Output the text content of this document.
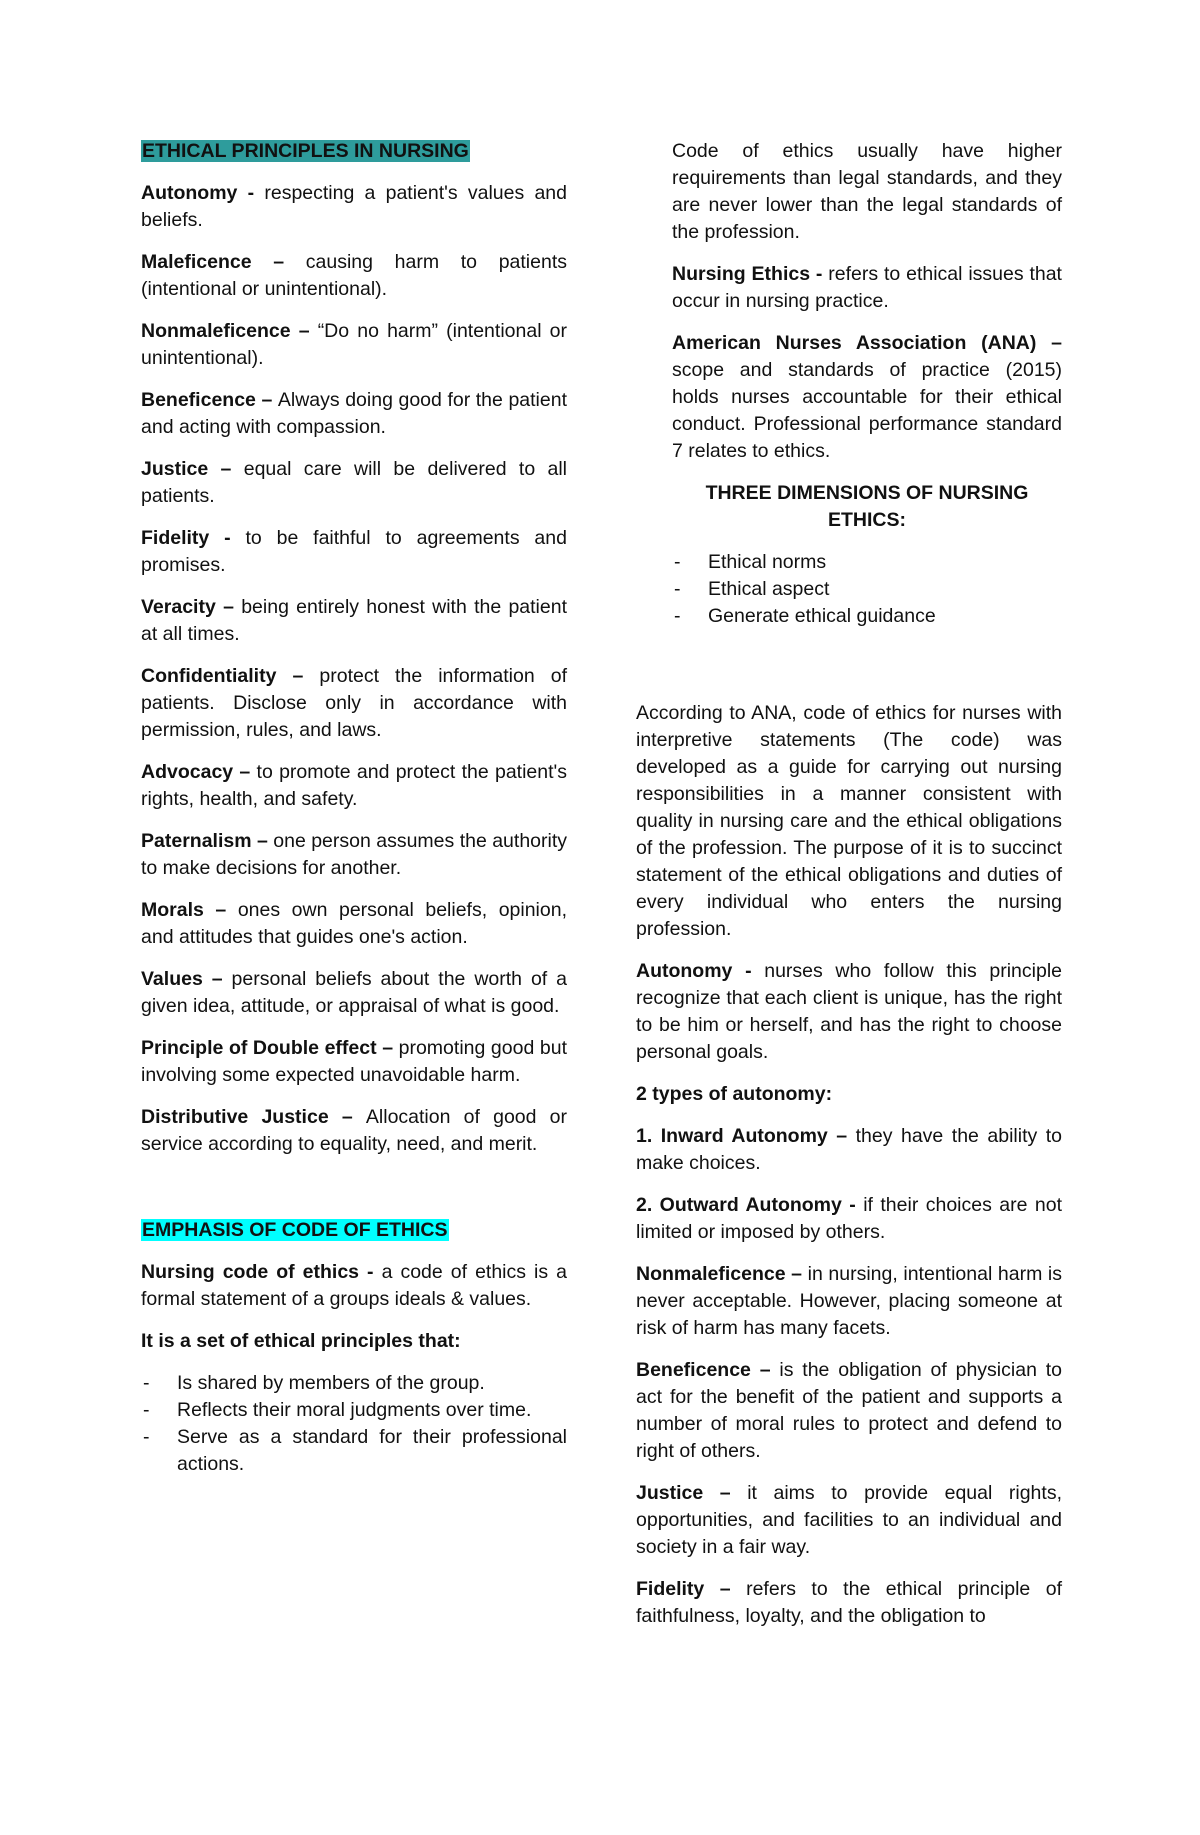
ETHICAL PRINCIPLES IN NURSING

Autonomy - respecting a patient's values and beliefs.

Maleficence – causing harm to patients (intentional or unintentional).

Nonmaleficence – “Do no harm” (intentional or unintentional).

Beneficence – Always doing good for the patient and acting with compassion.

Justice – equal care will be delivered to all patients.

Fidelity - to be faithful to agreements and promises.

Veracity – being entirely honest with the patient at all times.

Confidentiality – protect the information of patients. Disclose only in accordance with permission, rules, and laws.

Advocacy – to promote and protect the patient's rights, health, and safety.

Paternalism – one person assumes the authority to make decisions for another.

Morals – ones own personal beliefs, opinion, and attitudes that guides one's action.

Values – personal beliefs about the worth of a given idea, attitude, or appraisal of what is good.

Principle of Double effect – promoting good but involving some expected unavoidable harm.

Distributive Justice – Allocation of good or service according to equality, need, and merit.

EMPHASIS OF CODE OF ETHICS

Nursing code of ethics - a code of ethics is a formal statement of a groups ideals & values.

It is a set of ethical principles that:

- Is shared by members of the group.
- Reflects their moral judgments over time.
- Serve as a standard for their professional actions.

Code of ethics usually have higher requirements than legal standards, and they are never lower than the legal standards of the profession.

Nursing Ethics - refers to ethical issues that occur in nursing practice.

American Nurses Association (ANA) – scope and standards of practice (2015) holds nurses accountable for their ethical conduct. Professional performance standard 7 relates to ethics.

THREE DIMENSIONS OF NURSING ETHICS:

- Ethical norms
- Ethical aspect
- Generate ethical guidance

According to ANA, code of ethics for nurses with interpretive statements (The code) was developed as a guide for carrying out nursing responsibilities in a manner consistent with quality in nursing care and the ethical obligations of the profession. The purpose of it is to succinct statement of the ethical obligations and duties of every individual who enters the nursing profession.

Autonomy - nurses who follow this principle recognize that each client is unique, has the right to be him or herself, and has the right to choose personal goals.

2 types of autonomy:

1. Inward Autonomy – they have the ability to make choices.

2. Outward Autonomy - if their choices are not limited or imposed by others.

Nonmaleficence – in nursing, intentional harm is never acceptable. However, placing someone at risk of harm has many facets.

Beneficence – is the obligation of physician to act for the benefit of the patient and supports a number of moral rules to protect and defend to right of others.

Justice – it aims to provide equal rights, opportunities, and facilities to an individual and society in a fair way.

Fidelity – refers to the ethical principle of faithfulness, loyalty, and the obligation to
